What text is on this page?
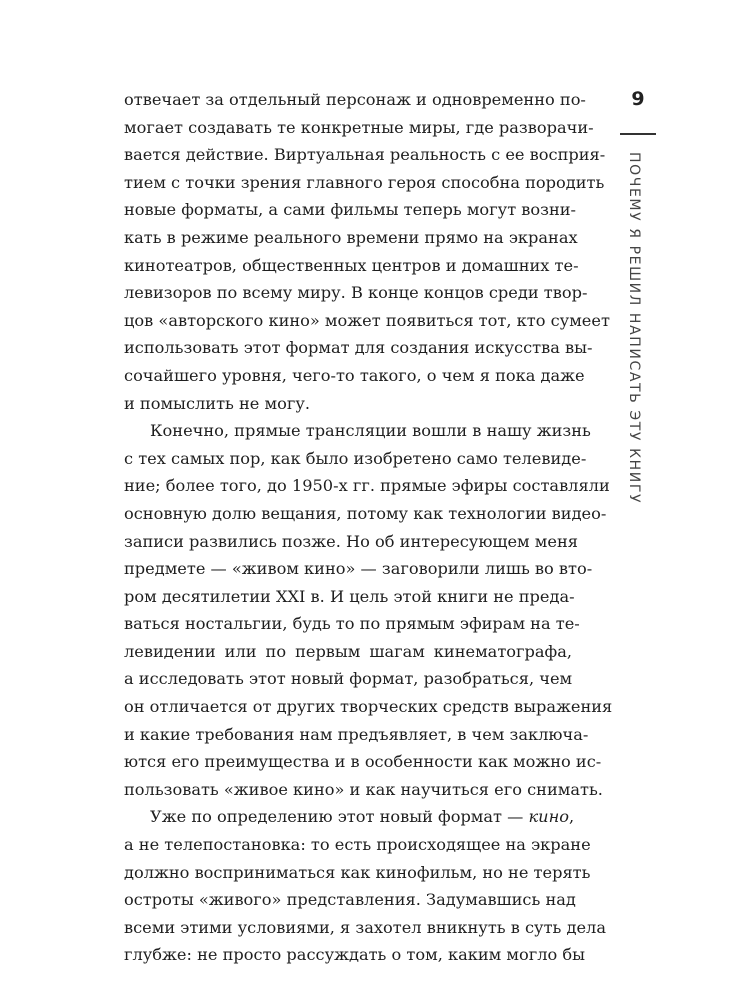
отвечает за отдельный персонаж и одновременно по-
могает создавать те конкретные миры, где разворачи-
вается действие. Виртуальная реальность с ее восприя-
тием с точки зрения главного героя способна породить
новые форматы, а сами фильмы теперь могут возни-
кать в режиме реального времени прямо на экранах
кинотеатров, общественных центров и домашних те-
левизоров по всему миру. В конце концов среди твор-
цов «авторского кино» может появиться тот, кто сумеет
использовать этот формат для создания искусства вы-
сочайшего уровня, чего-то такого, о чем я пока даже
и помыслить не могу.
Конечно, прямые трансляции вошли в нашу жизнь
с тех самых пор, как было изобретено само телевиде-
ние; более того, до 1950-х гг. прямые эфиры составляли
основную долю вещания, потому как технологии видео-
записи развились позже. Но об интересующем меня
предмете — «живом кино» — заговорили лишь во вто-
ром десятилетии XXI в. И цель этой книги не преда-
ваться ностальгии, будь то по прямым эфирам на те-
левидении или по первым шагам кинематографа,
а исследовать этот новый формат, разобраться, чем
он отличается от других творческих средств выражения
и какие требования нам предъявляет, в чем заключа-
ются его преимущества и в особенности как можно ис-
пользовать «живое кино» и как научиться его снимать.
Уже по определению этот новый формат — кино,
а не телепостановка: то есть происходящее на экране
должно восприниматься как кинофильм, но не терять
остроты «живого» представления. Задумавшись над
всеми этими условиями, я захотел вникнуть в суть дела
глубже: не просто рассуждать о том, каким могло бы
9
ПОЧЕМУ Я РЕШИЛ НАПИСАТЬ ЭТУ КНИГУ
